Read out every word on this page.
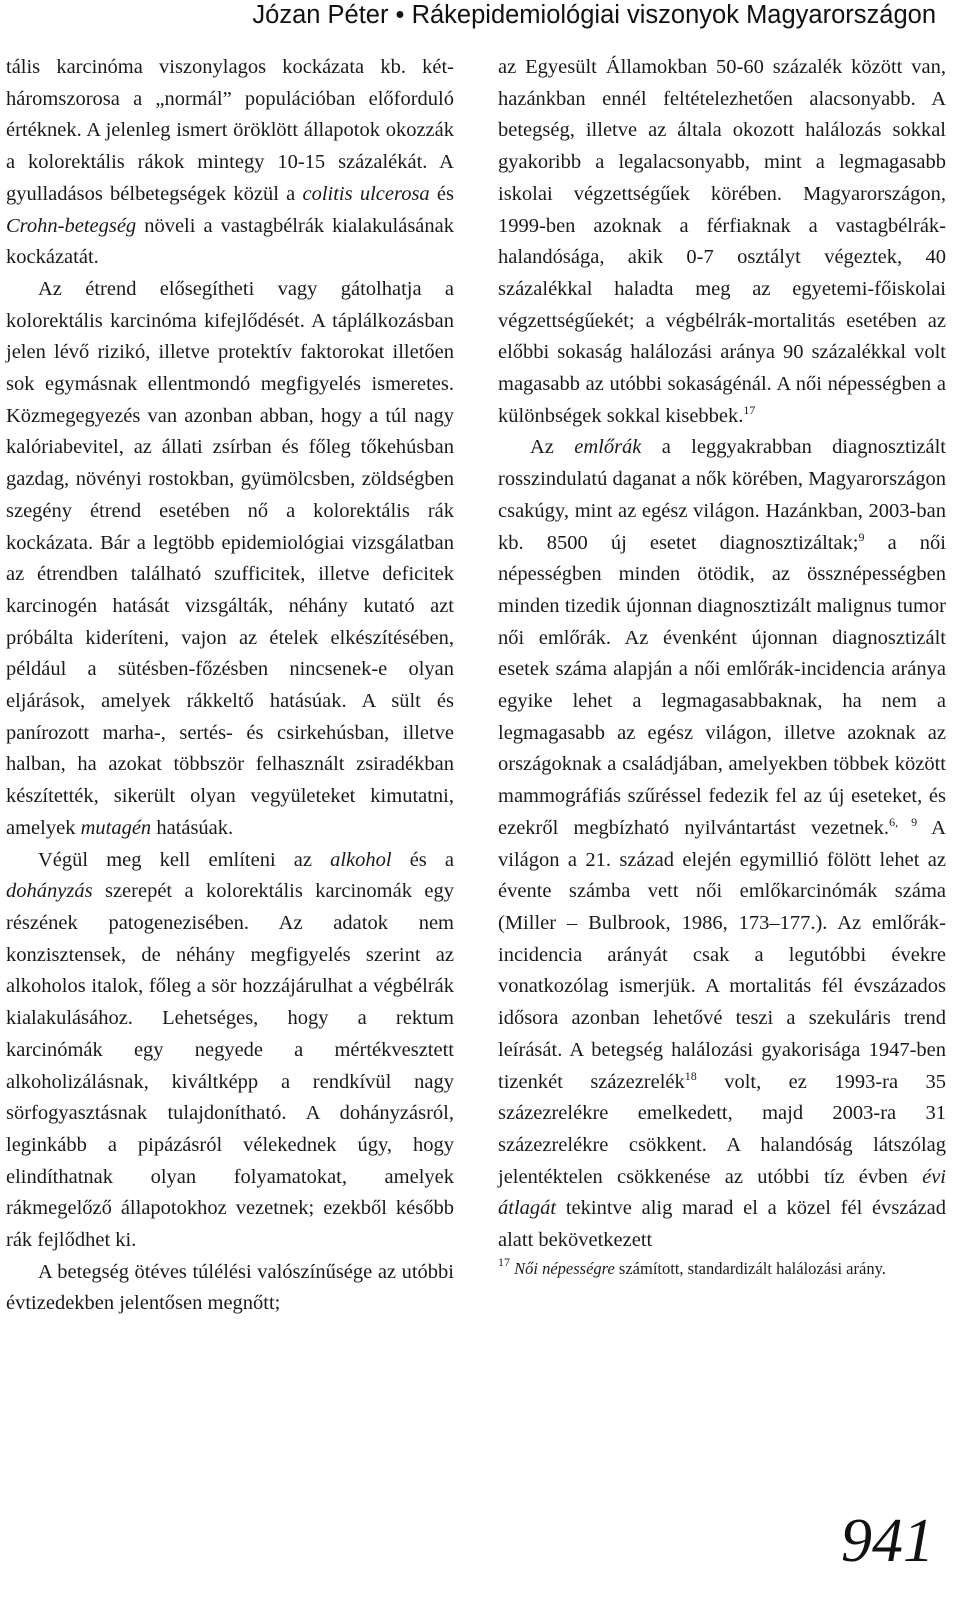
Józan Péter • Rákepidemiológiai viszonyok Magyarországon

tális karcinóma viszonylagos kockázata kb. két-háromszorosa a „normál” populációban előforduló értéknek. A jelenleg ismert öröklött állapotok okozzák a kolorektális rákok mintegy 10-15 százalékát. A gyulladásos bélbetegségek közül a colitis ulcerosa és Crohn-betegség növeli a vastagbélrák kialakulásának kockázatát.

Az étrend elősegítheti vagy gátolhatja a kolorektális karcinóma kifejlődését. A táplálkozásban jelen lévő rizikó, illetve protektív faktorokat illetően sok egymásnak ellentmondó megfigyelés ismeretes. Közmegegyezés van azonban abban, hogy a túl nagy kalóriabevitel, az állati zsírban és főleg tőkehúsban gazdag, növényi rostokban, gyümölcsben, zöldségben szegény étrend esetében nő a kolorektális rák kockázata. Bár a legtöbb epidemiológiai vizsgálatban az étrendben található szufficitek, illetve deficitek karcinogén hatását vizsgálták, néhány kutató azt próbálta kideríteni, vajon az ételek elkészítésében, például a sütésben-főzésben nincsenek-e olyan eljárások, amelyek rákkeltő hatásúak. A sült és panírozott marha-, sertés- és csirkehúsban, illetve halban, ha azokat többször felhasznált zsiradékban készítették, sikerült olyan vegyületeket kimutatni, amelyek mutagén hatásúak.

Végül meg kell említeni az alkohol és a dohányzás szerepét a kolorektális karcinomák egy részének patogenezisében. Az adatok nem konzisztensek, de néhány megfigyelés szerint az alkoholos italok, főleg a sör hozzájárulhat a végbélrák kialakulásához. Lehetséges, hogy a rektum karcinómák egy negyede a mértékvesztett alkoholizálásnak, kiváltképp a rendkívül nagy sörfogyasztásnak tulajdonítható. A dohányzásról, leginkább a pipázásról vélekednek úgy, hogy elindíthatnak olyan folyamatokat, amelyek rákmegelőző állapotokhoz vezetnek; ezekből később rák fejlődhet ki.

A betegség ötéves túlélési valószínűsége az utóbbi évtizedekben jelentősen megnőtt;

az Egyesült Államokban 50-60 százalék között van, hazánkban ennél feltételezhetően alacsonyabb. A betegség, illetve az általa okozott halálozás sokkal gyakoribb a legalacsonyabb, mint a legmagasabb iskolai végzettségűek körében. Magyarországon, 1999-ben azoknak a férfiaknak a vastagbélrák-halandósága, akik 0-7 osztályt végeztek, 40 százalékkal haladta meg az egyetemi-főiskolai végzettségűekét; a végbélrák-mortalitás esetében az előbbi sokaság halálozási aránya 90 százalékkal volt magasabb az utóbbi sokaságénál. A női népességben a különbségek sokkal kisebbek.$^{17}$

Az emlőrák a leggyakrabban diagnosztizált rosszindulatú daganat a nők körében, Magyarországon csakúgy, mint az egész világon. Hazánkban, 2003-ban kb. 8500 új esetet diagnosztizáltak;$^9$ a női népességben minden ötödik, az össznépességben minden tizedik újonnan diagnosztizált malignus tumor női emlőrák. Az évenként újonnan diagnosztizált esetek száma alapján a női emlőrák-incidencia aránya egyike lehet a legmagasabbaknak, ha nem a legmagasabb az egész világon, illetve azoknak az országoknak a családjában, amelyekben többek között mammográfiás szűréssel fedezik fel az új eseteket, és ezekről megbízható nyilvántartást vezetnek.$^{6, 9}$ A világon a 21. század elején egymillió fölött lehet az évente számba vett női emlőkarcinómák száma (Miller – Bulbrook, 1986, 173–177.). Az emlőrák-incidencia arányát csak a legutóbbi évekre vonatkozólag ismerjük. A mortalitás fél évszázados idősora azonban lehetővé teszi a szekuláris trend leírását. A betegség halálozási gyakorisága 1947-ben tizenkét százezrelék$^{18}$ volt, ez 1993-ra 35 százezrelékre emelkedett, majd 2003-ra 31 százezrelékre csökkent. A halandóság látszólag jelentéktelen csökkenése az utóbbi tíz évben évi átlagát tekintve alig marad el a közel fél évszázad alatt bekövetkezett

$^{17}$ Női népességre számított, standardizált halálozási arány.

941
